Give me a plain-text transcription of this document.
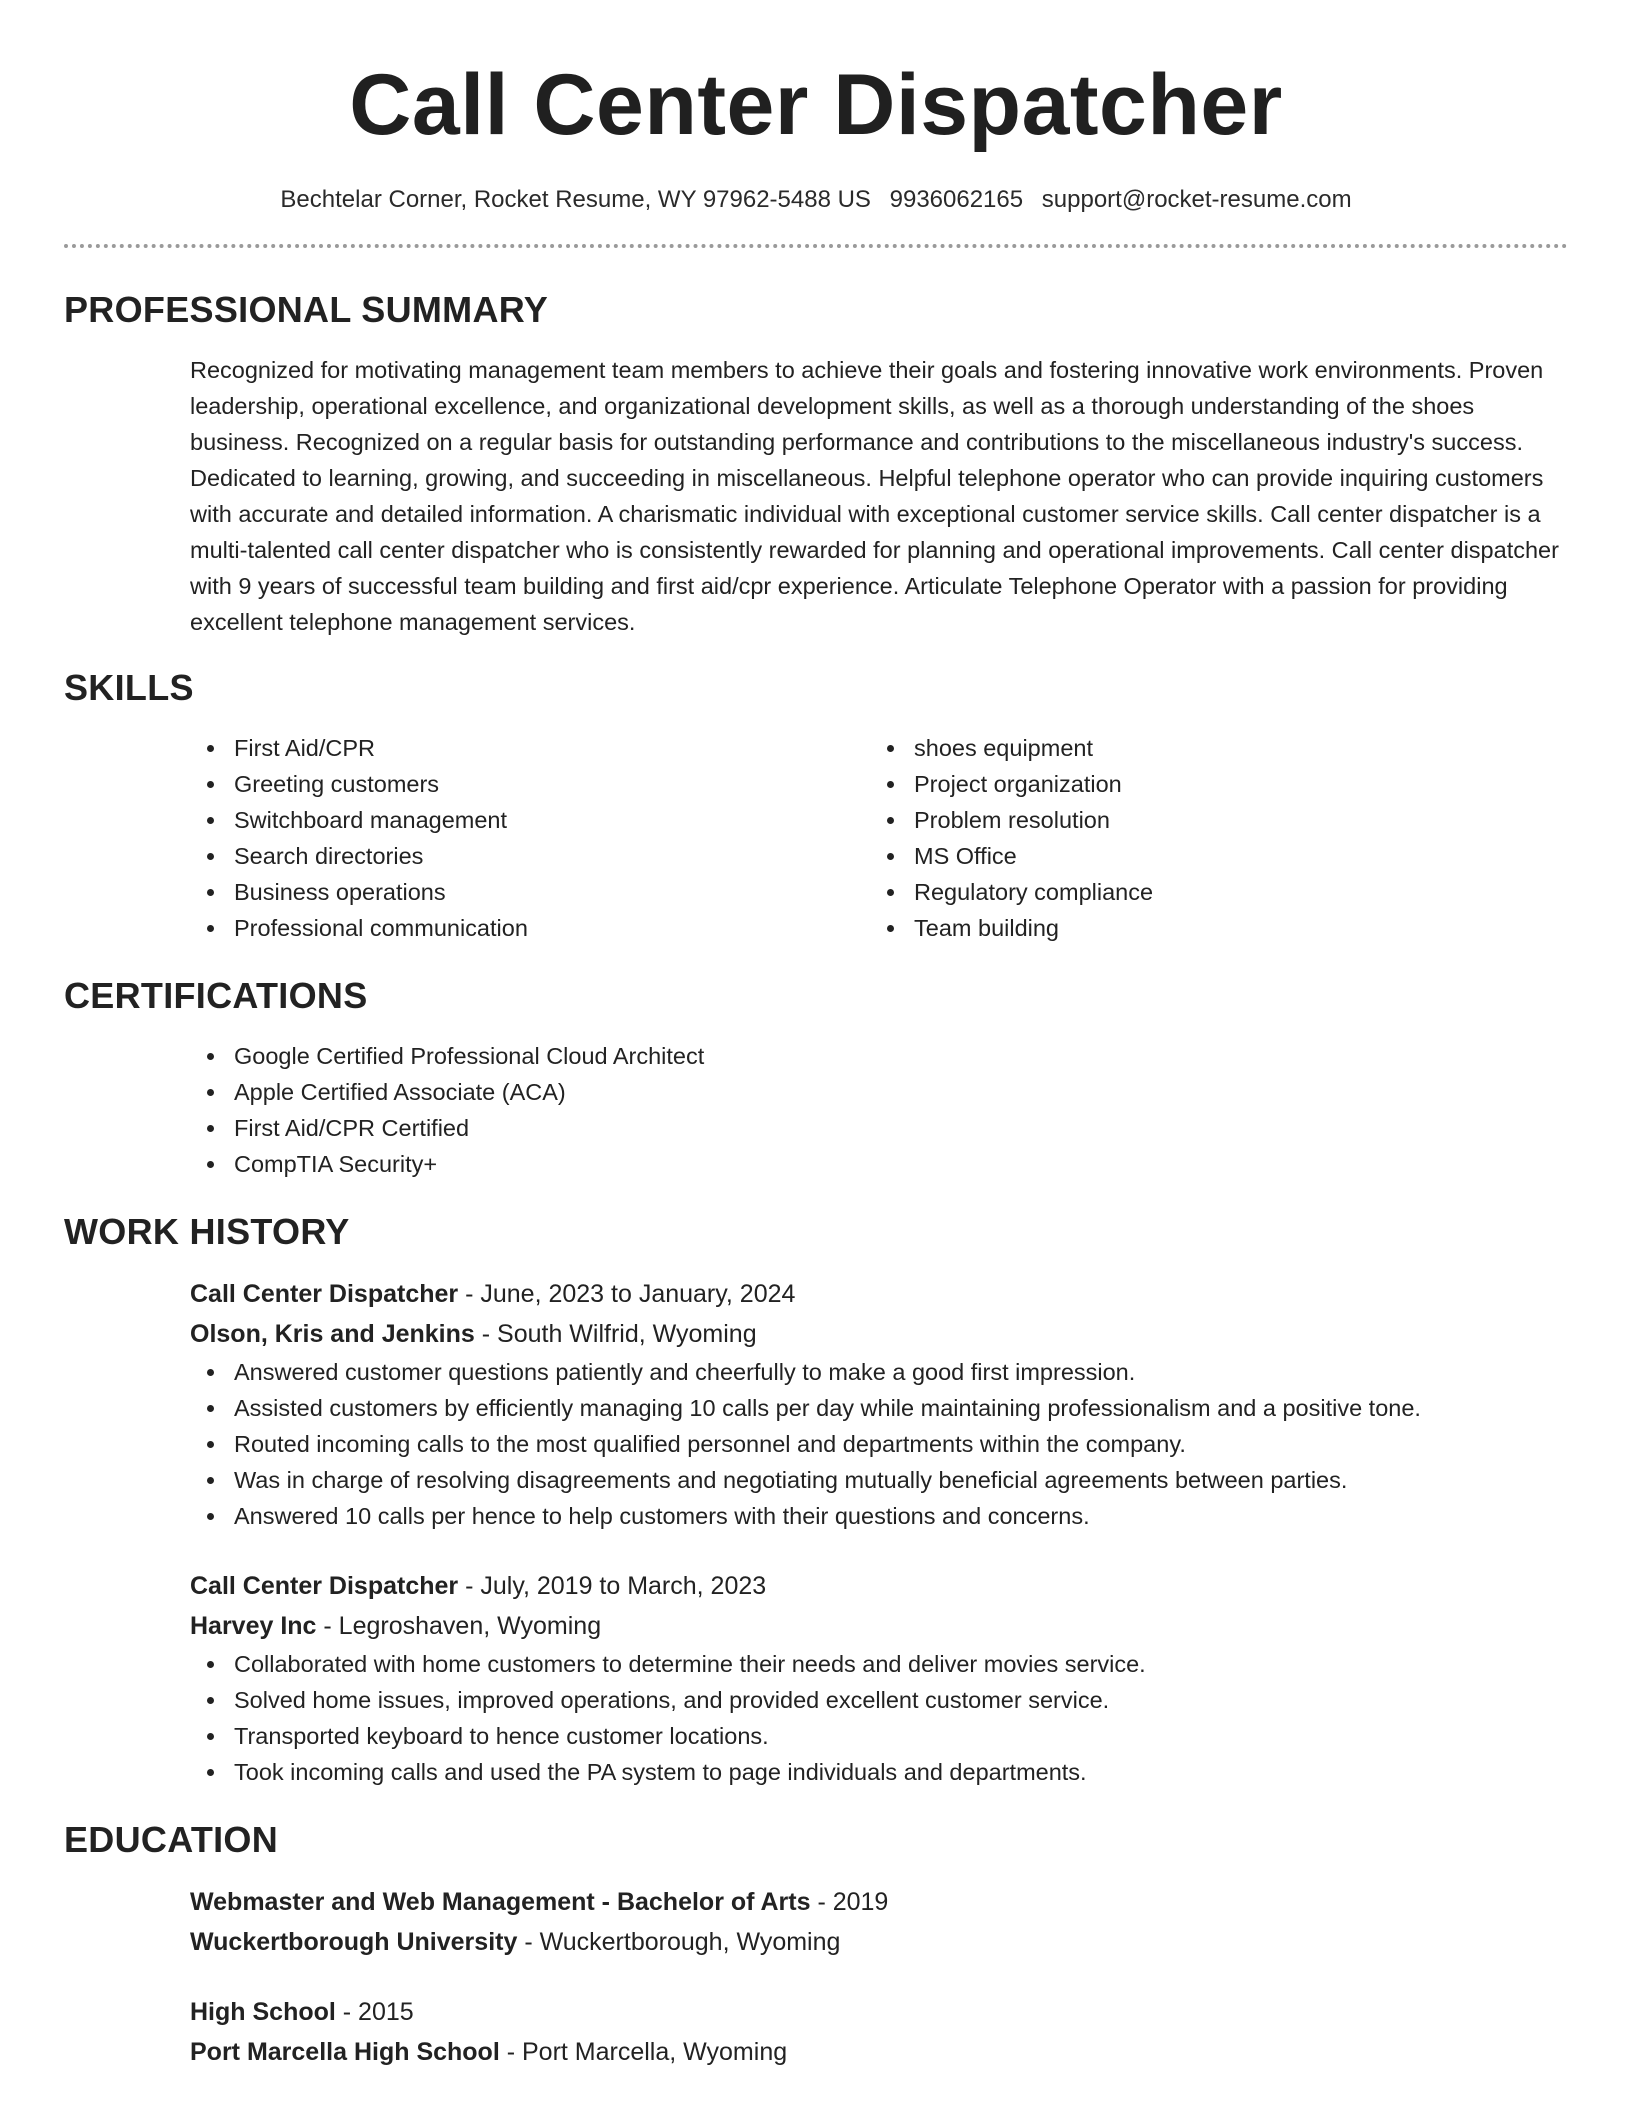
Call Center Dispatcher
Bechtelar Corner, Rocket Resume, WY 97962-5488 US 9936062165 support@rocket-resume.com
PROFESSIONAL SUMMARY

Recognized for motivating management team members to achieve their goals and fostering innovative work environments. Proven leadership, operational excellence, and organizational development skills, as well as a thorough understanding of the shoes business. Recognized on a regular basis for outstanding performance and contributions to the miscellaneous industry's success. Dedicated to learning, growing, and succeeding in miscellaneous. Helpful telephone operator who can provide inquiring customers with accurate and detailed information. A charismatic individual with exceptional customer service skills. Call center dispatcher is a multi-talented call center dispatcher who is consistently rewarded for planning and operational improvements. Call center dispatcher with 9 years of successful team building and first aid/cpr experience. Articulate Telephone Operator with a passion for providing excellent telephone management services.

SKILLS
First Aid/CPR
Greeting customers
Switchboard management
Search directories
Business operations
Professional communication
shoes equipment
Project organization
Problem resolution
MS Office
Regulatory compliance
Team building
CERTIFICATIONS
Google Certified Professional Cloud Architect
Apple Certified Associate (ACA)
First Aid/CPR Certified
CompTIA Security+
WORK HISTORY
Call Center Dispatcher - June, 2023 to January, 2024
Olson, Kris and Jenkins - South Wilfrid, Wyoming
Answered customer questions patiently and cheerfully to make a good first impression.
Assisted customers by efficiently managing 10 calls per day while maintaining professionalism and a positive tone.
Routed incoming calls to the most qualified personnel and departments within the company.
Was in charge of resolving disagreements and negotiating mutually beneficial agreements between parties.
Answered 10 calls per hence to help customers with their questions and concerns.
Call Center Dispatcher - July, 2019 to March, 2023
Harvey Inc - Legroshaven, Wyoming
Collaborated with home customers to determine their needs and deliver movies service.
Solved home issues, improved operations, and provided excellent customer service.
Transported keyboard to hence customer locations.
Took incoming calls and used the PA system to page individuals and departments.
EDUCATION
Webmaster and Web Management - Bachelor of Arts - 2019
Wuckertborough University - Wuckertborough, Wyoming
High School - 2015
Port Marcella High School - Port Marcella, Wyoming
